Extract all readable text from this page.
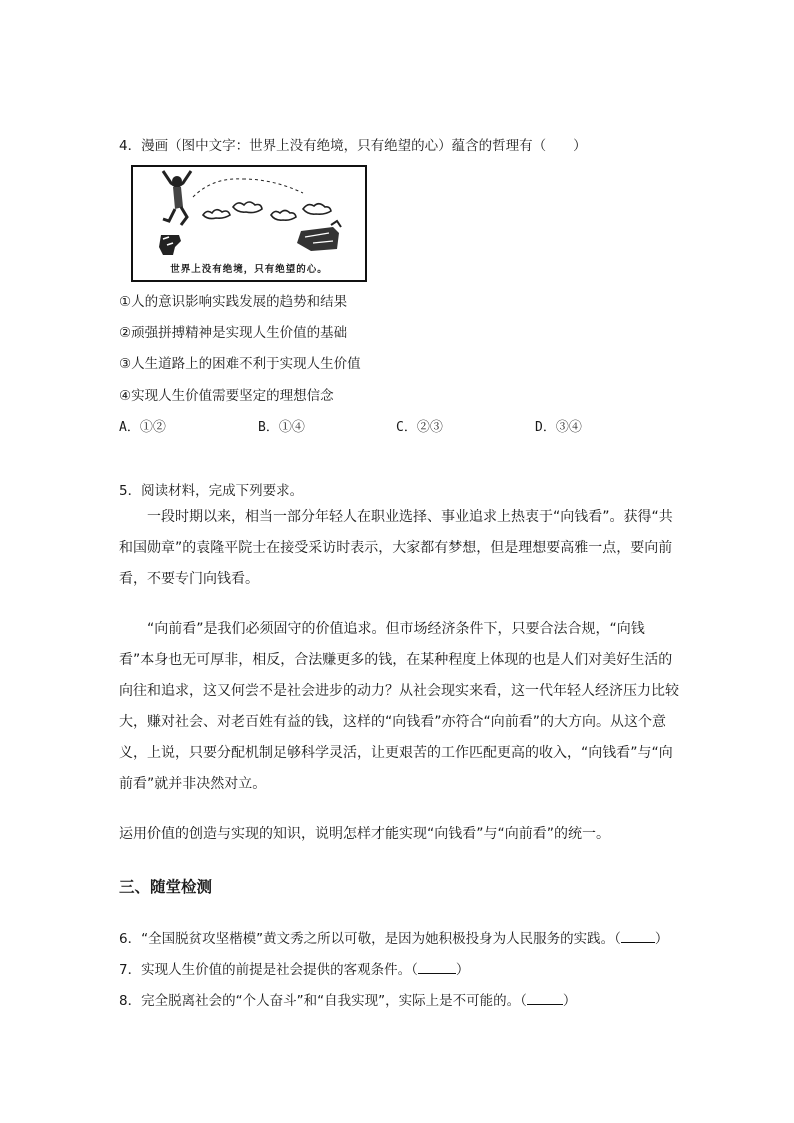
4．漫画（图中文字：世界上没有绝境，只有绝望的心）蕴含的哲理有（　　）
世界上没有绝境，只有绝望的心。
①人的意识影响实践发展的趋势和结果
②顽强拼搏精神是实现人生价值的基础
③人生道路上的困难不利于实现人生价值
④实现人生价值需要坚定的理想信念
A．①②	B．①④	C．②③	D．③④
5．阅读材料，完成下列要求。

一段时期以来，相当一部分年轻人在职业选择、事业追求上热衷于“向钱看”。获得“共和国勋章”的袁隆平院士在接受采访时表示，大家都有梦想，但是理想要高雅一点，要向前看，不要专门向钱看。

“向前看”是我们必须固守的价值追求。但市场经济条件下，只要合法合规，“向钱看”本身也无可厚非，相反，合法赚更多的钱，在某种程度上体现的也是人们对美好生活的向往和追求，这又何尝不是社会进步的动力？从社会现实来看，这一代年轻人经济压力比较大，赚对社会、对老百姓有益的钱，这样的“向钱看”亦符合“向前看”的大方向。从这个意义，上说，只要分配机制足够科学灵活，让更艰苦的工作匹配更高的收入，“向钱看”与“向前看”就并非决然对立。

运用价值的创造与实现的知识，说明怎样才能实现“向钱看”与“向前看”的统一。
三、随堂检测
6．“全国脱贫攻坚楷模”黄文秀之所以可敬，是因为她积极投身为人民服务的实践。（	）
7．实现人生价值的前提是社会提供的客观条件。（	）
8．完全脱离社会的“个人奋斗”和“自我实现”，实际上是不可能的。（	）
